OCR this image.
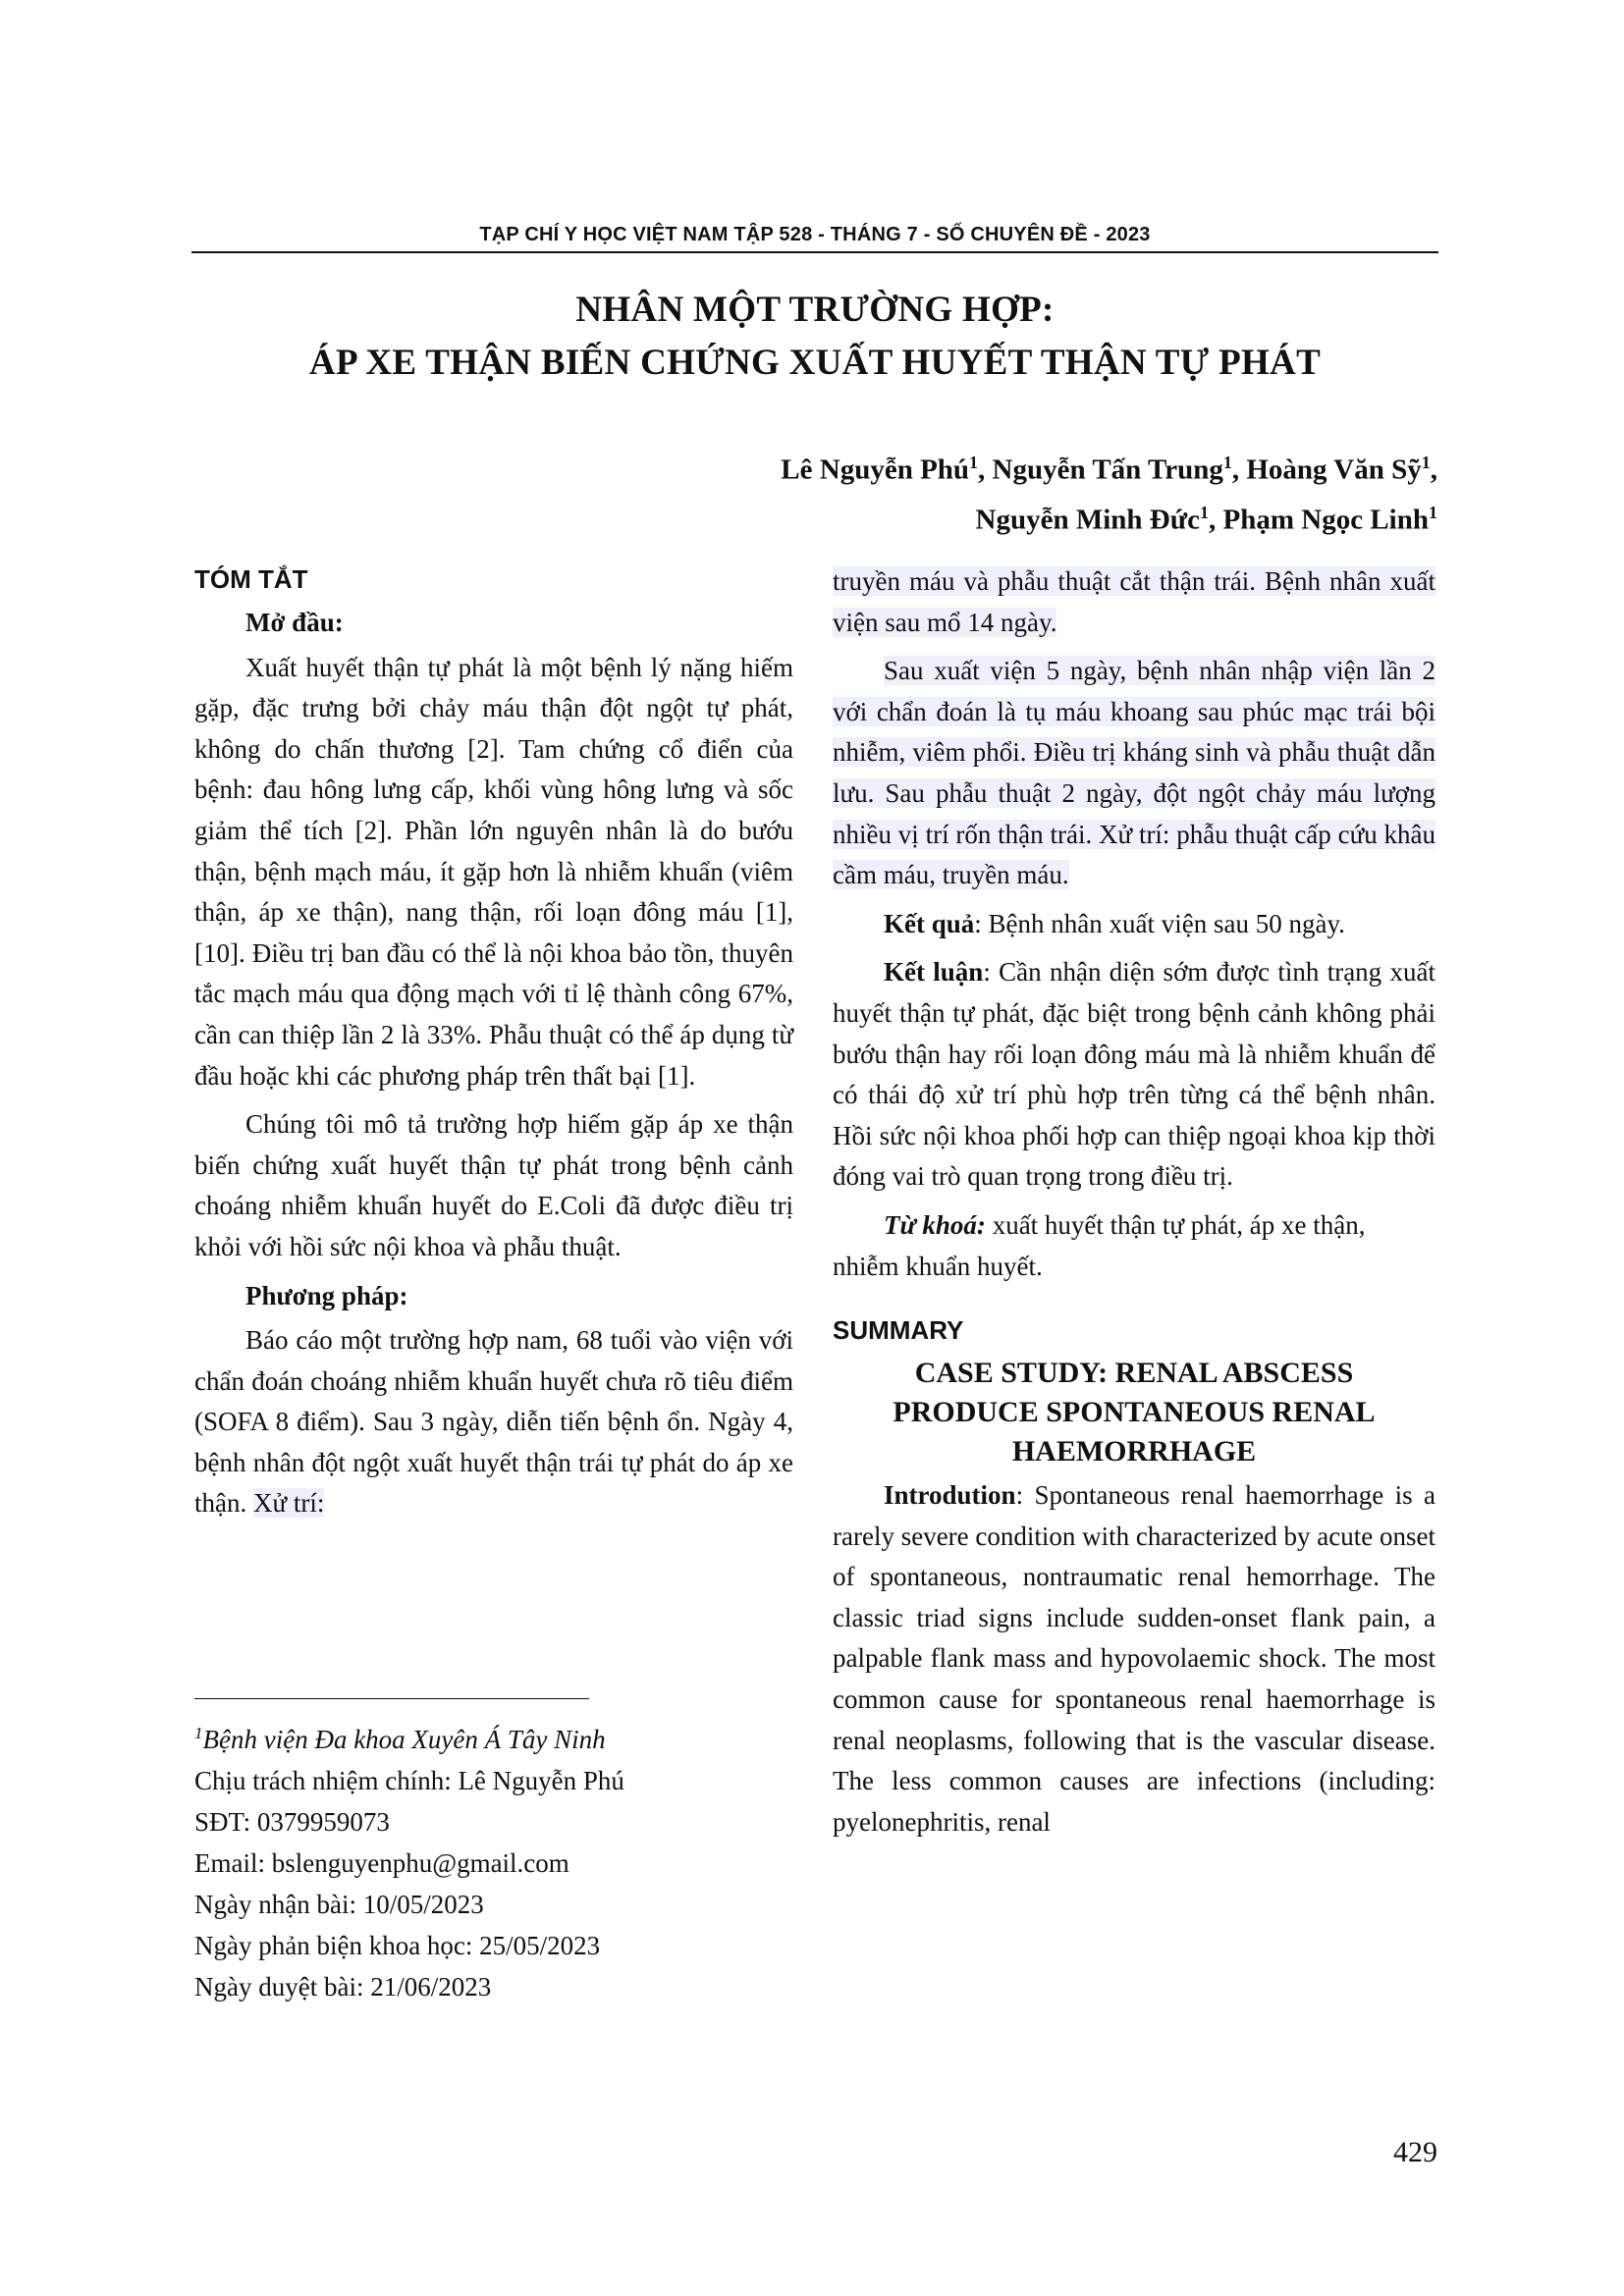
TẠP CHÍ Y HỌC VIỆT NAM TẬP 528 - THÁNG 7 - SỐ CHUYÊN ĐỀ - 2023
NHÂN MỘT TRƯỜNG HỢP:
ÁP XE THẬN BIẾN CHỨNG XUẤT HUYẾT THẬN TỰ PHÁT
Lê Nguyễn Phú$^1$, Nguyễn Tấn Trung$^1$, Hoàng Văn Sỹ$^1$,
Nguyễn Minh Đức$^1$, Phạm Ngọc Linh$^1$
TÓM TẮT

Mở đầu:

Xuất huyết thận tự phát là một bệnh lý nặng hiếm gặp, đặc trưng bởi chảy máu thận đột ngột tự phát, không do chấn thương [2]. Tam chứng cổ điển của bệnh: đau hông lưng cấp, khối vùng hông lưng và sốc giảm thể tích [2]. Phần lớn nguyên nhân là do bướu thận, bệnh mạch máu, ít gặp hơn là nhiễm khuẩn (viêm thận, áp xe thận), nang thận, rối loạn đông máu [1], [10]. Điều trị ban đầu có thể là nội khoa bảo tồn, thuyên tắc mạch máu qua động mạch với tỉ lệ thành công 67%, cần can thiệp lần 2 là 33%. Phẫu thuật có thể áp dụng từ đầu hoặc khi các phương pháp trên thất bại [1].

Chúng tôi mô tả trường hợp hiếm gặp áp xe thận biến chứng xuất huyết thận tự phát trong bệnh cảnh choáng nhiễm khuẩn huyết do E.Coli đã được điều trị khỏi với hồi sức nội khoa và phẫu thuật.

Phương pháp:

Báo cáo một trường hợp nam, 68 tuổi vào viện với chẩn đoán choáng nhiễm khuẩn huyết chưa rõ tiêu điểm (SOFA 8 điểm). Sau 3 ngày, diễn tiến bệnh ổn. Ngày 4, bệnh nhân đột ngột xuất huyết thận trái tự phát do áp xe thận. Xử trí:

$^1$Bệnh viện Đa khoa Xuyên Á Tây Ninh
Chịu trách nhiệm chính: Lê Nguyễn Phú
SĐT: 0379959073
Email: bslenguyenphu@gmail.com
Ngày nhận bài: 10/05/2023
Ngày phản biện khoa học: 25/05/2023
Ngày duyệt bài: 21/06/2023

truyền máu và phẫu thuật cắt thận trái. Bệnh nhân xuất viện sau mổ 14 ngày.

Sau xuất viện 5 ngày, bệnh nhân nhập viện lần 2 với chẩn đoán là tụ máu khoang sau phúc mạc trái bội nhiễm, viêm phổi. Điều trị kháng sinh và phẫu thuật dẫn lưu. Sau phẫu thuật 2 ngày, đột ngột chảy máu lượng nhiều vị trí rốn thận trái. Xử trí: phẫu thuật cấp cứu khâu cầm máu, truyền máu.

Kết quả: Bệnh nhân xuất viện sau 50 ngày.

Kết luận: Cần nhận diện sớm được tình trạng xuất huyết thận tự phát, đặc biệt trong bệnh cảnh không phải bướu thận hay rối loạn đông máu mà là nhiễm khuẩn để có thái độ xử trí phù hợp trên từng cá thể bệnh nhân. Hồi sức nội khoa phối hợp can thiệp ngoại khoa kịp thời đóng vai trò quan trọng trong điều trị.

Từ khoá: xuất huyết thận tự phát, áp xe thận, nhiễm khuẩn huyết.

SUMMARY
CASE STUDY: RENAL ABSCESS
PRODUCE SPONTANEOUS RENAL
HAEMORRHAGE

Introdution: Spontaneous renal haemorrhage is a rarely severe condition with characterized by acute onset of spontaneous, nontraumatic renal hemorrhage. The classic triad signs include sudden-onset flank pain, a palpable flank mass and hypovolaemic shock. The most common cause for spontaneous renal haemorrhage is renal neoplasms, following that is the vascular disease. The less common causes are infections (including: pyelonephritis, renal

429
